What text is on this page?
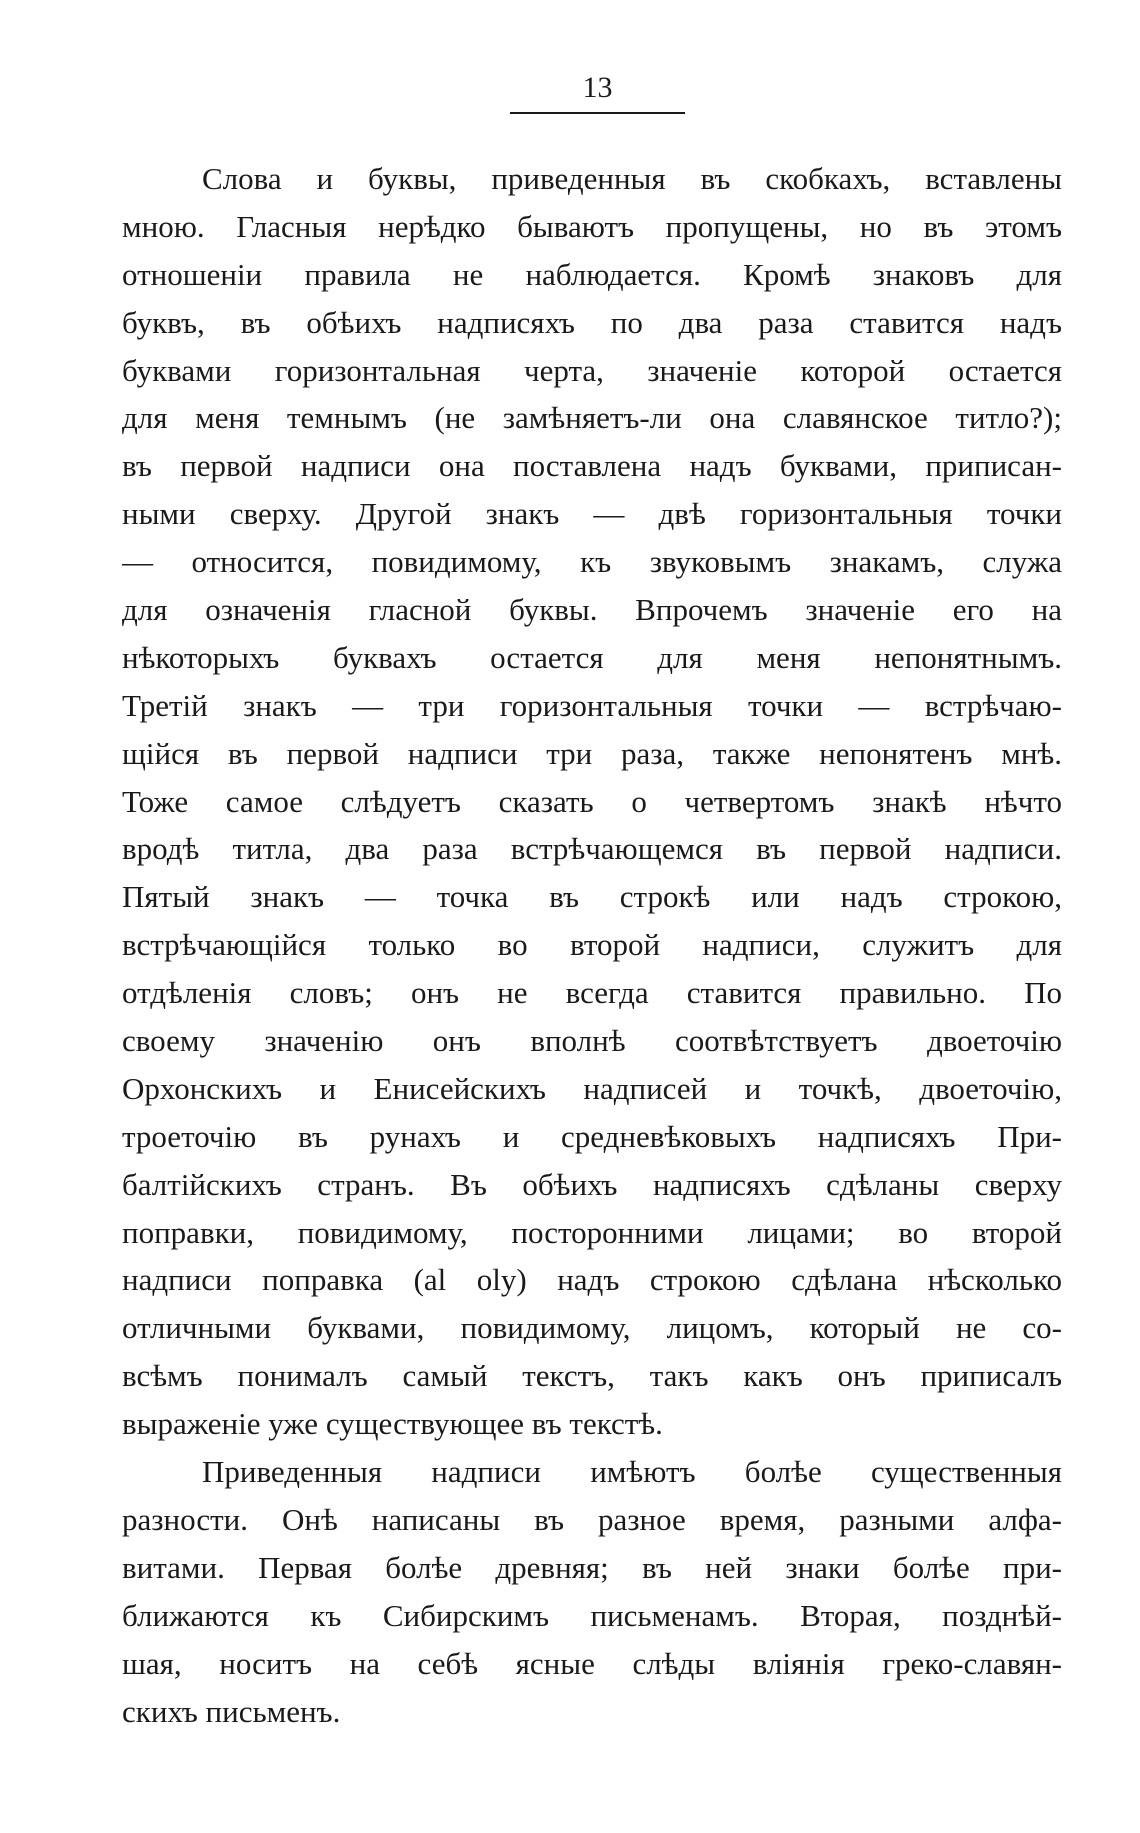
13
Слова и буквы, приведенныя въ скобкахъ, вставлены
мною. Гласныя нерѣдко бываютъ пропущены, но въ этомъ
отношеніи правила не наблюдается. Кромѣ знаковъ для
буквъ, въ обѣихъ надписяхъ по два раза ставится надъ
буквами горизонтальная черта, значеніе которой остается
для меня темнымъ (не замѣняетъ-ли она славянское титло?);
въ первой надписи она поставлена надъ буквами, приписан-
ными сверху. Другой знакъ — двѣ горизонтальныя точки
— относится, повидимому, къ звуковымъ знакамъ, служа
для означенія гласной буквы. Впрочемъ значеніе его на
нѣкоторыхъ буквахъ остается для меня непонятнымъ.
Третій знакъ — три горизонтальныя точки — встрѣчаю-
щійся въ первой надписи три раза, также непонятенъ мнѣ.
Тоже самое слѣдуетъ сказать о четвертомъ знакѣ нѣчто
вродѣ титла, два раза встрѣчающемся въ первой надписи.
Пятый знакъ — точка въ строкѣ или надъ строкою,
встрѣчающійся только во второй надписи, служитъ для
отдѣленія словъ; онъ не всегда ставится правильно. По
своему значенію онъ вполнѣ соотвѣтствуетъ двоеточію
Орхонскихъ и Енисейскихъ надписей и точкѣ, двоеточію,
троеточію въ рунахъ и средневѣковыхъ надписяхъ При-
балтійскихъ странъ. Въ обѣихъ надписяхъ сдѣланы сверху
поправки, повидимому, посторонними лицами; во второй
надписи поправка (al oly) надъ строкою сдѣлана нѣсколько
отличными буквами, повидимому, лицомъ, который не со-
всѣмъ понималъ самый текстъ, такъ какъ онъ приписалъ
выраженіе уже существующее въ текстѣ.
Приведенныя надписи имѣютъ болѣе существенныя
разности. Онѣ написаны въ разное время, разными алфа-
витами. Первая болѣе древняя; въ ней знаки болѣе при-
ближаются къ Сибирскимъ письменамъ. Вторая, позднѣй-
шая, носитъ на себѣ ясные слѣды вліянія греко-славян-
скихъ письменъ.
